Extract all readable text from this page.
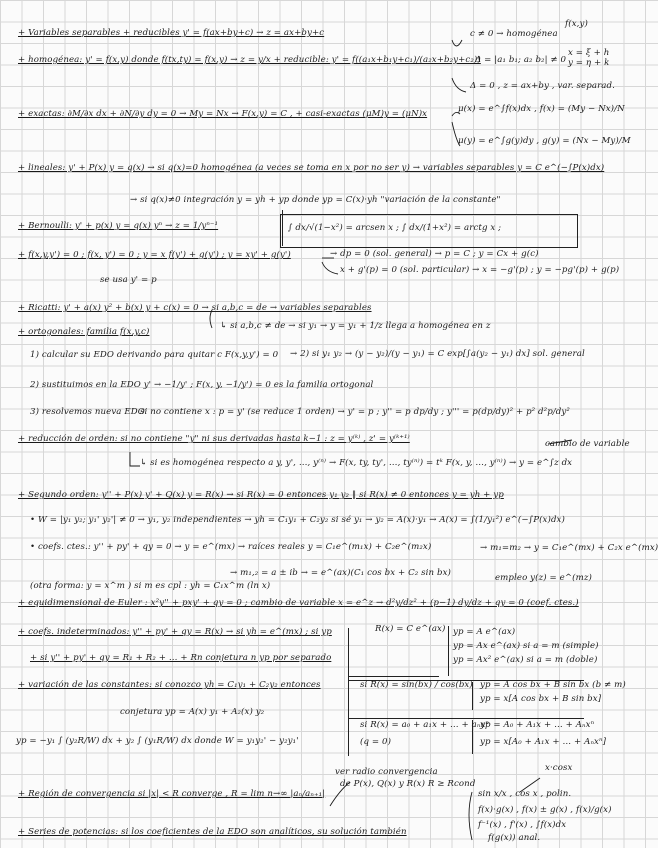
+ Variables separables + reducibles y' = f(ax+by+c) → z = ax+by+c
f(x,y)
x = ξ + h
y = η + k
c ≠ 0 → homogénea
+ homogénea: y' = f(x,y) donde f(tx,ty) = f(x,y) → z = y/x + reducible: y' = f((a₁x+b₁y+c₁)/(a₂x+b₂y+c₂))
Δ = |a₁ b₁; a₂ b₂| ≠ 0
Δ = 0 , z = ax+by , var. separad.
+ exactas: ∂M/∂x dx + ∂N/∂y dy = 0 → My = Nx → F(x,y) = C , + casi-exactas (μM)y = (μN)x	μ(x) = e^∫f(x)dx , f(x) = (My − Nx)/N
μ(y) = e^∫g(y)dy , g(y) = (Nx − My)/M
+ lineales: y' + P(x) y = q(x) → si q(x)=0 homogénea (a veces se toma en x por no ser y) → variables separables y = C e^(−∫P(x)dx)
→ si q(x)≠0 integración y = yh + yp donde yp = C(x)·yh "variación de la constante"
+ Bernoulli: y' + p(x) y = q(x) yⁿ → z = 1/yⁿ⁻¹	∫ dx/√(1−x²) = arcsen x ; ∫ dx/(1+x²) = arctg x ;
+ f(x,y,y') = 0 ; f(x, y') = 0 ; y = x f(y') + g(y') ; y = xy' + g(y')	→ dp = 0 (sol. general) → p = C ; y = Cx + g(c)
se usa y' = p
x + g'(p) = 0 (sol. particular) → x = −g'(p) ; y = −pg'(p) + g(p)
+ Ricatti: y' + a(x) y² + b(x) y + c(x) = 0 → si a,b,c = de → variables separables
↳ si a,b,c ≠ de → si y₁ → y = y₁ + 1/z llega a homogénea en z
+ ortogonales: familia f(x,y,c)
1) calcular su EDO derivando para quitar c F(x,y,y') = 0 → 2) si y₁ y₂ → (y − y₂)/(y − y₁) = C exp[∫a(y₂ − y₁) dx] sol. general
2) sustituimos en la EDO y' → −1/y' ; F(x, y, −1/y') = 0 es la familia ortogonal
3) resolvemos nueva EDO
si no contiene x : p = y' (se reduce 1 orden) → y' = p ; y'' = p dp/dy ; y''' = p(dp/dy)² + p² d²p/dy²
+ reducción de orden: si no contiene "y" ni sus derivadas hasta k−1 : z = y⁽ᵏ⁾ , z' = y⁽ᵏ⁺¹⁾
↳ si es homogénea respecto a y, y', …, y⁽ⁿ⁾ → F(x, ty, ty', …, ty⁽ⁿ⁾) = tᵏ F(x, y, …, y⁽ⁿ⁾) → y = e^∫z dx
cambio de variable
+ Segundo orden: y'' + P(x) y' + Q(x) y = R(x) → si R(x) = 0 entonces y₁ y₂ ‖ si R(x) ≠ 0 entonces y = yh + yp
• W = |y₁ y₂; y₁' y₂'| ≠ 0 → y₁, y₂ independientes → yh = C₁y₁ + C₂y₂ si sé y₁ → y₂ = A(x)·y₁ → A(x) = ∫(1/y₁²) e^(−∫P(x)dx)
• coefs. ctes.: y'' + py' + qy = 0 → y = e^(mx) → raíces reales y = C₁e^(m₁x) + C₂e^(m₂x)	→ m₁=m₂ → y = C₁e^(mx) + C₂x e^(mx)
→ m₁,₂ = a ± ib → = e^(ax)(C₁ cos bx + C₂ sin bx)
(otra forma: y = x^m ) si m es cpl : yh = C₁x^m (ln x)
empleo y(z) = e^(mz)
+ equidimensional de Euler : x²y'' + pxy' + qy = 0 ; cambio de variable x = e^z → d²y/dz² + (p−1) dy/dz + qy = 0 (coef. ctes.)
+ coefs. indeterminados: y'' + py' + qy = R(x) → si yh = e^(mx) ; si yp	R(x) = C e^(ax) yp = A e^(ax)
yp = Ax e^(ax) si a = m (simple)
yp = Ax² e^(ax) si a = m (doble)
+ si y'' + py' + qy = R₁ + R₂ + … + Rn conjetura n yp por separado
+ variación de las constantes: si conozco yh = C₁y₁ + C₂y₂ entonces	si R(x) = sin(bx) / cos(bx) yp = A cos bx + B sin bx (b ≠ m)
yp = x[A cos bx + B sin bx]
conjetura yp = A(x) y₁ + A₂(x) y₂
si R(x) = a₀ + a₁x + … + aₙxⁿ
yp = A₀ + A₁x + … + Aₙxⁿ
yp = −y₁ ∫ (y₂R/W) dx + y₂ ∫ (y₁R/W) dx donde W = y₁y₂' − y₂y₁'	(q = 0)	yp = x[A₀ + A₁x + … + Aₙxⁿ]
x·cosx
+ Región de convergencia si |x| < R converge , R = lim n→∞ |aₙ/aₙ₊₁|
ver radio convergencia
de P(x), Q(x) y R(x) R ≥ Rcond
sin x/x , cos x , polin.
f(x)·g(x) , f(x) ± g(x) , f(x)/g(x)
f⁻¹(x) , f'(x) , ∫f(x)dx
+ Series de potencias: si los coeficientes de la EDO son analíticos, su solución también
f(g(x)) anal.
